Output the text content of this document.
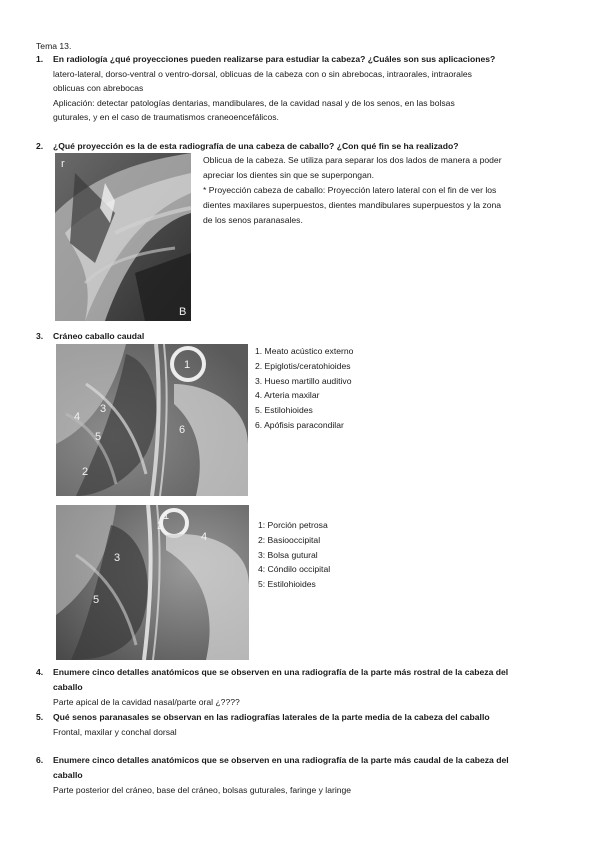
Tema 13.
1. En radiología ¿qué proyecciones pueden realizarse para estudiar la cabeza? ¿Cuáles son sus aplicaciones?
latero-lateral, dorso-ventral o ventro-dorsal, oblicuas de la cabeza con o sin abrebocas, intraorales, intraorales
oblicuas con abrebocas
Aplicación: detectar patologías dentarias, mandibulares, de la cavidad nasal y de los senos, en las bolsas
guturales, y en el caso de traumatismos craneoencefálicos.
2. ¿Qué proyección es la de esta radiografía de una cabeza de caballo? ¿Con qué fin se ha realizado?
r
B
Oblicua de la cabeza. Se utiliza para separar los dos lados de manera a poder
apreciar los dientes sin que se superpongan.
* Proyección cabeza de caballo: Proyección latero lateral con el fin de ver los
dientes maxilares superpuestos, dientes mandibulares superpuestos y la zona
de los senos paranasales.
3. Cráneo caballo caudal
1
2
3
4
5
6
1. Meato acústico externo
2. Epiglotis/ceratohioides
3. Hueso martillo auditivo
4. Arteria maxilar
5. Estilohioides
6. Apófisis paracondilar
1
2
3
4
5
1: Porción petrosa
2: Basiooccipital
3: Bolsa gutural
4: Cóndilo occipital
5: Estilohioides
4. Enumere cinco detalles anatómicos que se observen en una radiografía de la parte más rostral de la cabeza del
caballo
Parte apical de la cavidad nasal/parte oral ¿????
5. Qué senos paranasales se observan en las radiografías laterales de la parte media de la cabeza del caballo
Frontal, maxilar y conchal dorsal
6. Enumere cinco detalles anatómicos que se observen en una radiografía de la parte más caudal de la cabeza del
caballo
Parte posterior del cráneo, base del cráneo, bolsas guturales, faringe y laringe
